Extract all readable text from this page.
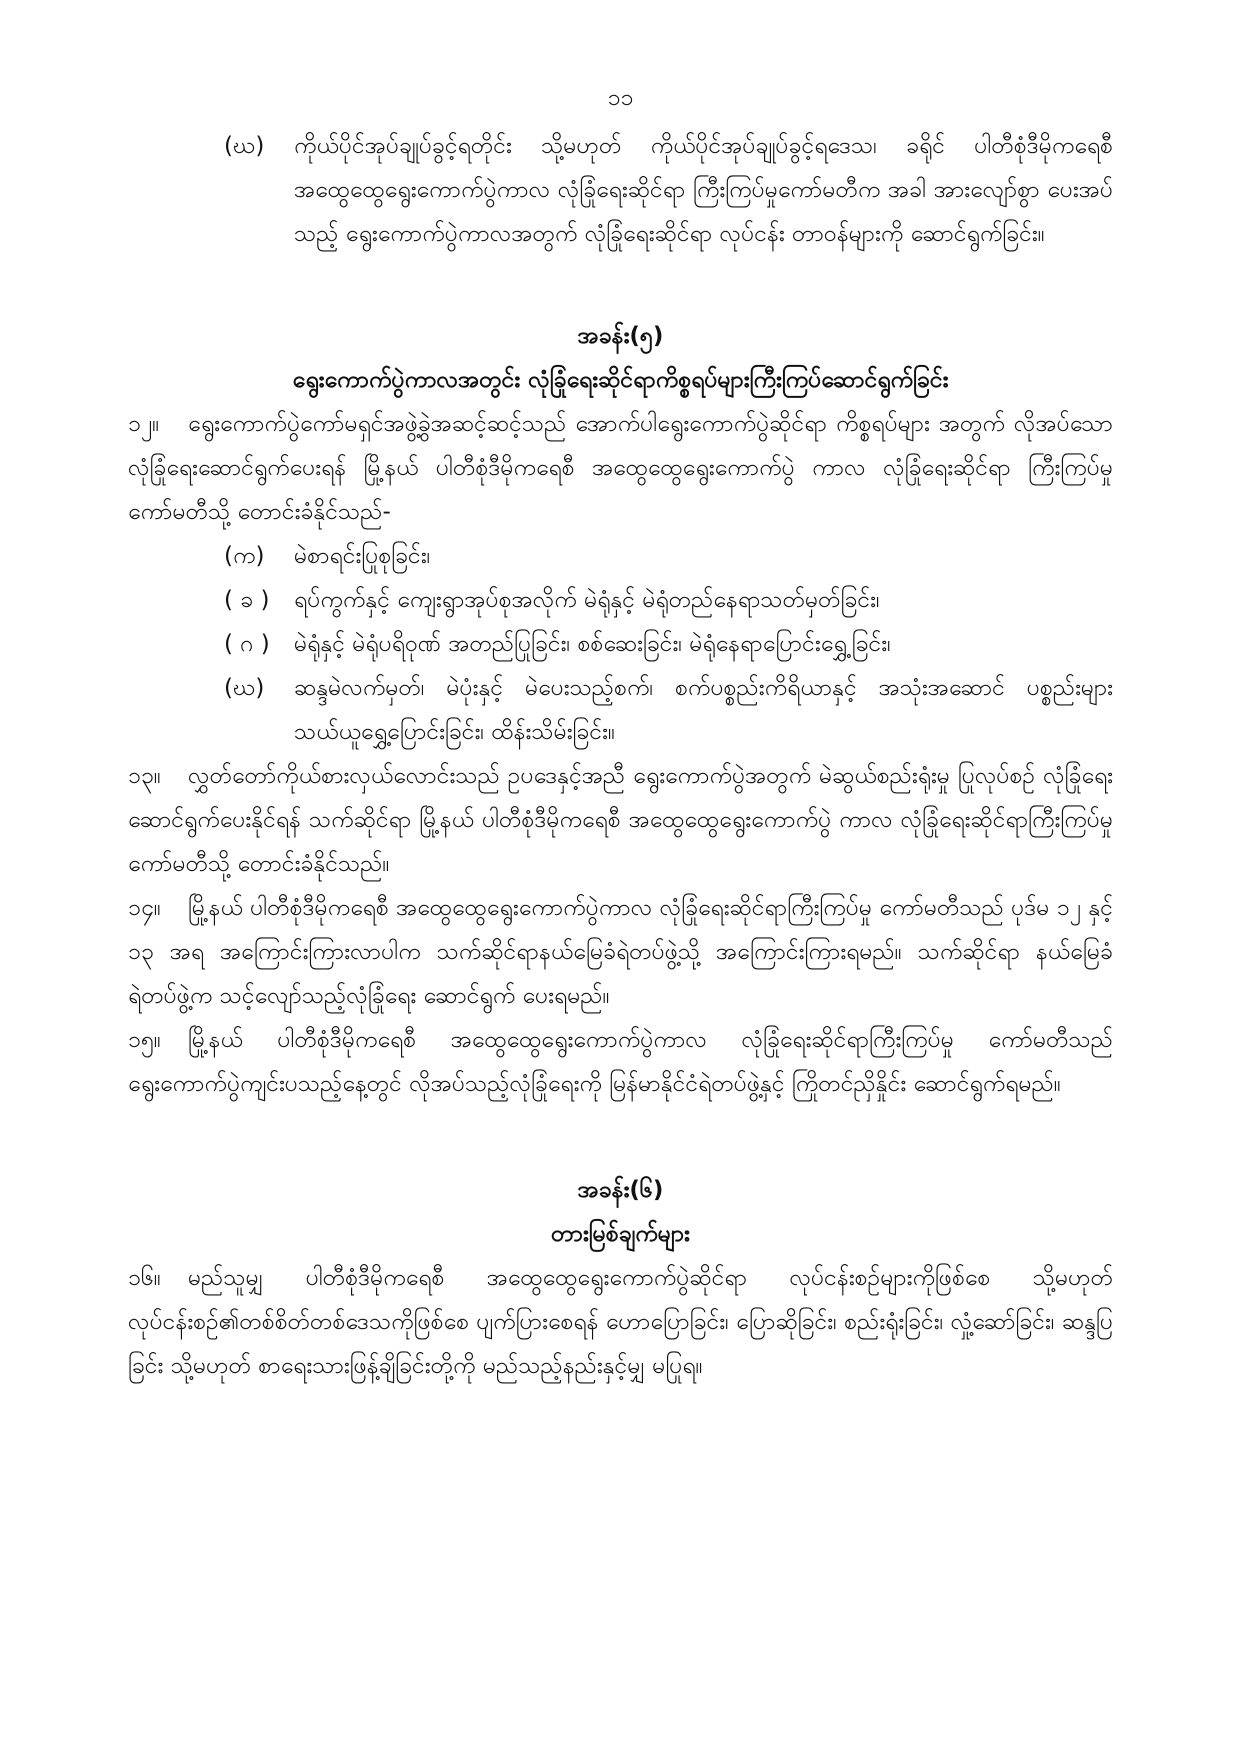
၁၁
(ဃ)	ကိုယ်ပိုင်အုပ်ချုပ်ခွင့်ရတိုင်း သို့မဟုတ် ကိုယ်ပိုင်အုပ်ချုပ်ခွင့်ရဒေသ၊ ခရိုင် ပါတီစုံဒီမိုကရေစီ အထွေထွေရွေးကောက်ပွဲကာလ လုံခြုံရေးဆိုင်ရာ ကြီးကြပ်မှုကော်မတီက အခါ အားလျော်စွာ ပေးအပ်သည့် ရွေးကောက်ပွဲကာလအတွက် လုံခြုံရေးဆိုင်ရာ လုပ်ငန်း တာဝန်များကို ဆောင်ရွက်ခြင်း။
အခန်း(၅)
ရွေးကောက်ပွဲကာလအတွင်း လုံခြုံရေးဆိုင်ရာကိစ္စရပ်များကြီးကြပ်ဆောင်ရွက်ခြင်း
၁၂။ ရွေးကောက်ပွဲကော်မရှင်အဖွဲ့ခွဲအဆင့်ဆင့်သည် အောက်ပါရွေးကောက်ပွဲဆိုင်ရာ ကိစ္စရပ်များ အတွက် လိုအပ်သောလုံခြုံရေးဆောင်ရွက်ပေးရန် မြို့နယ် ပါတီစုံဒီမိုကရေစီ အထွေထွေရွေးကောက်ပွဲ ကာလ လုံခြုံရေးဆိုင်ရာ ကြီးကြပ်မှုကော်မတီသို့ တောင်းခံနိုင်သည်-
(က)	မဲစာရင်းပြုစုခြင်း၊
( ခ )	ရပ်ကွက်နှင့် ကျေးရွာအုပ်စုအလိုက် မဲရုံနှင့် မဲရုံတည်နေရာသတ်မှတ်ခြင်း၊
( ဂ )	မဲရုံနှင့် မဲရုံပရိဝုဏ် အတည်ပြုခြင်း၊ စစ်ဆေးခြင်း၊ မဲရုံနေရာပြောင်းရွှေ့ခြင်း၊
(ဃ)	ဆန္ဒမဲလက်မှတ်၊ မဲပုံးနှင့် မဲပေးသည့်စက်၊ စက်ပစ္စည်းကိရိယာနှင့် အသုံးအဆောင် ပစ္စည်းများ သယ်ယူရွှေ့ပြောင်းခြင်း၊ ထိန်းသိမ်းခြင်း။
၁၃။ လွှတ်တော်ကိုယ်စားလှယ်လောင်းသည် ဥပဒေနှင့်အညီ ရွေးကောက်ပွဲအတွက် မဲဆွယ်စည်းရုံးမှု ပြုလုပ်စဉ် လုံခြုံရေးဆောင်ရွက်ပေးနိုင်ရန် သက်ဆိုင်ရာ မြို့နယ် ပါတီစုံဒီမိုကရေစီ အထွေထွေရွေးကောက်ပွဲ ကာလ လုံခြုံရေးဆိုင်ရာကြီးကြပ်မှုကော်မတီသို့ တောင်းခံနိုင်သည်။
၁၄။ မြို့နယ် ပါတီစုံဒီမိုကရေစီ အထွေထွေရွေးကောက်ပွဲကာလ လုံခြုံရေးဆိုင်ရာကြီးကြပ်မှု ကော်မတီသည် ပုဒ်မ ၁၂ နှင့် ၁၃ အရ အကြောင်းကြားလာပါက သက်ဆိုင်ရာနယ်မြေခံရဲတပ်ဖွဲ့သို့ အကြောင်းကြားရမည်။ သက်ဆိုင်ရာ နယ်မြေခံရဲတပ်ဖွဲ့က သင့်လျော်သည့်လုံခြုံရေး ဆောင်ရွက် ပေးရမည်။
၁၅။ မြို့နယ် ပါတီစုံဒီမိုကရေစီ အထွေထွေရွေးကောက်ပွဲကာလ လုံခြုံရေးဆိုင်ရာကြီးကြပ်မှု ကော်မတီသည် ရွေးကောက်ပွဲကျင်းပသည့်နေ့တွင် လိုအပ်သည့်လုံခြုံရေးကို မြန်မာနိုင်ငံရဲတပ်ဖွဲ့နှင့် ကြိုတင်ညှိနှိုင်း ဆောင်ရွက်ရမည်။
အခန်း(၆)
တားမြစ်ချက်များ
၁၆။ မည်သူမျှ ပါတီစုံဒီမိုကရေစီ အထွေထွေရွေးကောက်ပွဲဆိုင်ရာ လုပ်ငန်းစဉ်များကိုဖြစ်စေ သို့မဟုတ် လုပ်ငန်းစဉ်၏တစ်စိတ်တစ်ဒေသကိုဖြစ်စေ ပျက်ပြားစေရန် ဟောပြောခြင်း၊ ပြောဆိုခြင်း၊ စည်းရုံးခြင်း၊ လှုံ့ဆော်ခြင်း၊ ဆန္ဒပြခြင်း သို့မဟုတ် စာရေးသားဖြန့်ချိခြင်းတို့ကို မည်သည့်နည်းနှင့်မျှ မပြုရ။
